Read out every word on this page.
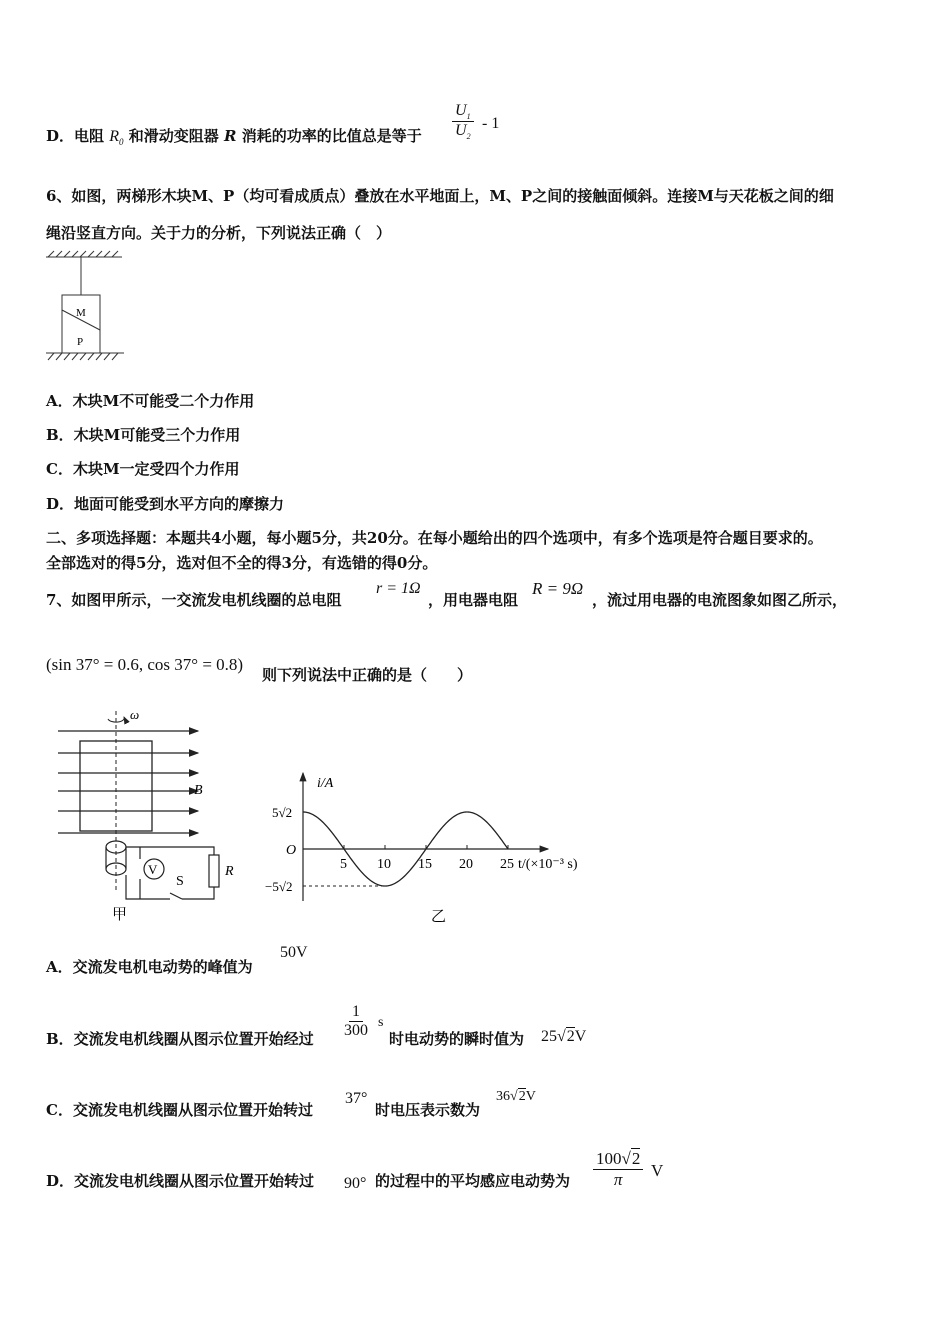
D．电阻 $R_0$ 和滑动变阻器 R 消耗的功率的比值总是等于 $\frac{U_1}{U_2} - 1$
6、如图，两梯形木块M、P（均可看成质点）叠放在水平地面上，M、P之间的接触面倾斜。连接M与天花板之间的细
绳沿竖直方向。关于力的分析，下列说法正确（　）
M
P
A．木块M不可能受二个力作用
B．木块M可能受三个力作用
C．木块M一定受四个力作用
D．地面可能受到水平方向的摩擦力
二、多项选择题：本题共4小题，每小题5分，共20分。在每小题给出的四个选项中，有多个选项是符合题目要求的。
全部选对的得5分，选对但不全的得3分，有选错的得0分。
7、如图甲所示，一交流发电机线圈的总电阻
r = 1Ω
，用电器电阻
R = 9Ω
，流过用电器的电流图象如图乙所示，
(sin 37° = 0.6, cos 37° = 0.8)
则下列说法中正确的是（　　）
ω
B
V	R
S
甲
i/A
t/(×10⁻³ s)
O
5√2
−5√2
5 10 15 20 25
乙
A．交流发电机电动势的峰值为
50V
B．交流发电机线圈从图示位置开始经过 $\frac{1}{300}$ s
时电动势的瞬时值为 25√2V
C．交流发电机线圈从图示位置开始转过
37°
时电压表示数为
36√2V
D．交流发电机线圈从图示位置开始转过 90° 的过程中的平均感应电动势为 $\frac{100√2}{\pi}$ V
